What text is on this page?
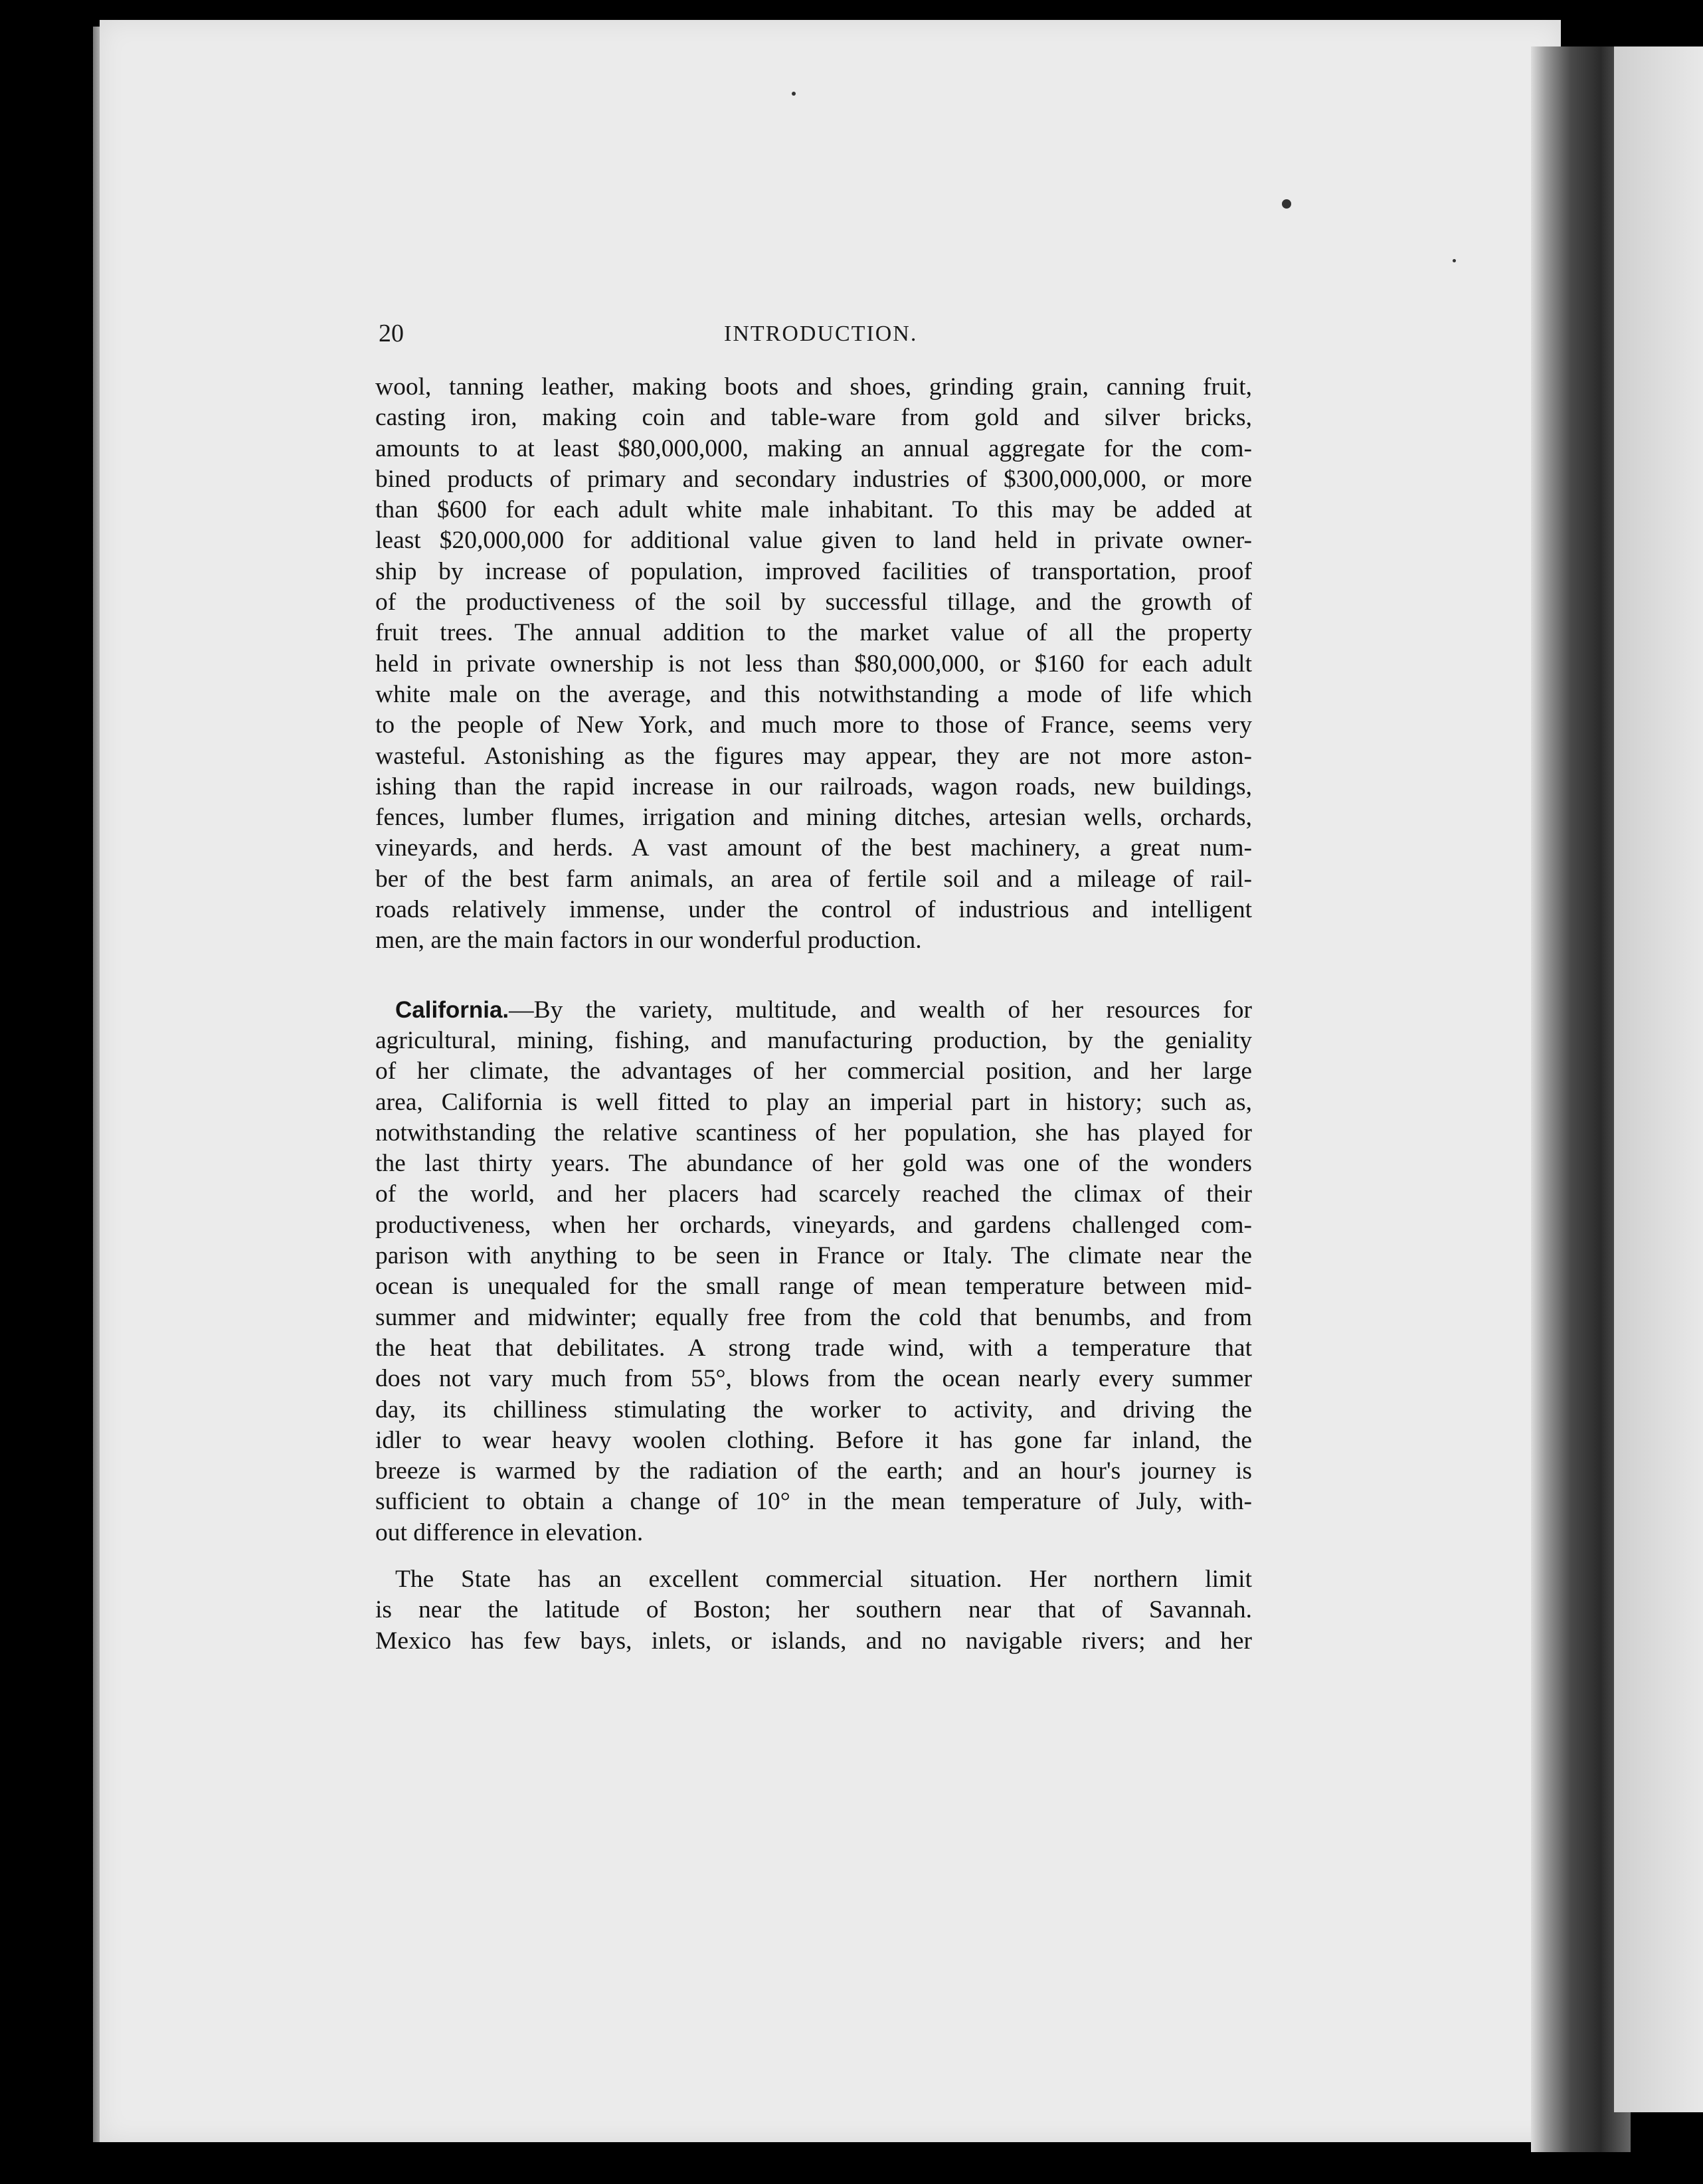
20	INTRODUCTION.

wool, tanning leather, making boots and shoes, grinding grain, canning fruit,
casting iron, making coin and table-ware from gold and silver bricks,
amounts to at least $80,000,000, making an annual aggregate for the com-
bined products of primary and secondary industries of $300,000,000, or more
than $600 for each adult white male inhabitant. To this may be added at
least $20,000,000 for additional value given to land held in private owner-
ship by increase of population, improved facilities of transportation, proof
of the productiveness of the soil by successful tillage, and the growth of
fruit trees. The annual addition to the market value of all the property
held in private ownership is not less than $80,000,000, or $160 for each adult
white male on the average, and this notwithstanding a mode of life which
to the people of New York, and much more to those of France, seems very
wasteful. Astonishing as the figures may appear, they are not more aston-
ishing than the rapid increase in our railroads, wagon roads, new buildings,
fences, lumber flumes, irrigation and mining ditches, artesian wells, orchards,
vineyards, and herds. A vast amount of the best machinery, a great num-
ber of the best farm animals, an area of fertile soil and a mileage of rail-
roads relatively immense, under the control of industrious and intelligent
men, are the main factors in our wonderful production.

California.—By the variety, multitude, and wealth of her resources for
agricultural, mining, fishing, and manufacturing production, by the geniality
of her climate, the advantages of her commercial position, and her large
area, California is well fitted to play an imperial part in history; such as,
notwithstanding the relative scantiness of her population, she has played for
the last thirty years. The abundance of her gold was one of the wonders
of the world, and her placers had scarcely reached the climax of their
productiveness, when her orchards, vineyards, and gardens challenged com-
parison with anything to be seen in France or Italy. The climate near the
ocean is unequaled for the small range of mean temperature between mid-
summer and midwinter; equally free from the cold that benumbs, and from
the heat that debilitates. A strong trade wind, with a temperature that
does not vary much from 55°, blows from the ocean nearly every summer
day, its chilliness stimulating the worker to activity, and driving the
idler to wear heavy woolen clothing. Before it has gone far inland, the
breeze is warmed by the radiation of the earth; and an hour's journey is
sufficient to obtain a change of 10° in the mean temperature of July, with-
out difference in elevation.

The State has an excellent commercial situation. Her northern limit
is near the latitude of Boston; her southern near that of Savannah.
Mexico has few bays, inlets, or islands, and no navigable rivers; and her
